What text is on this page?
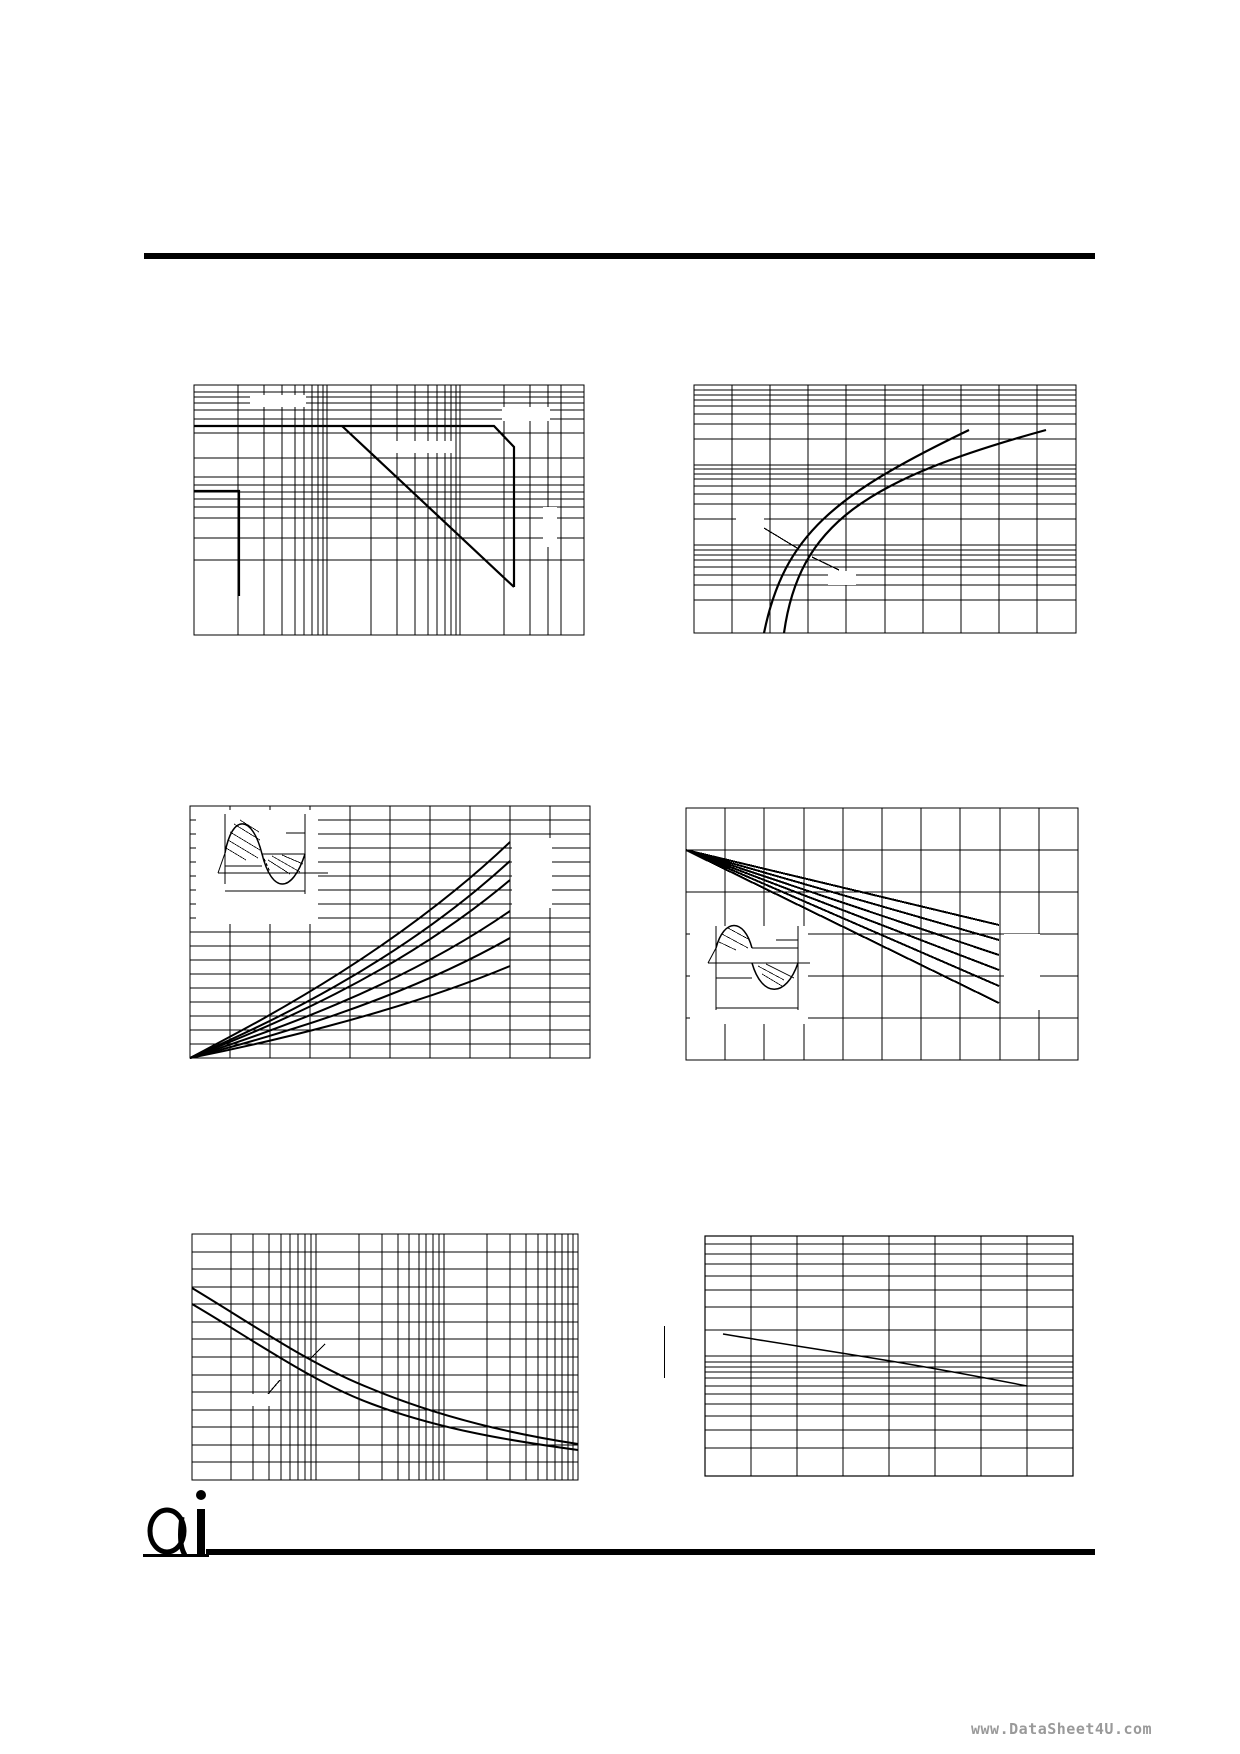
www.DataSheet4U.com
